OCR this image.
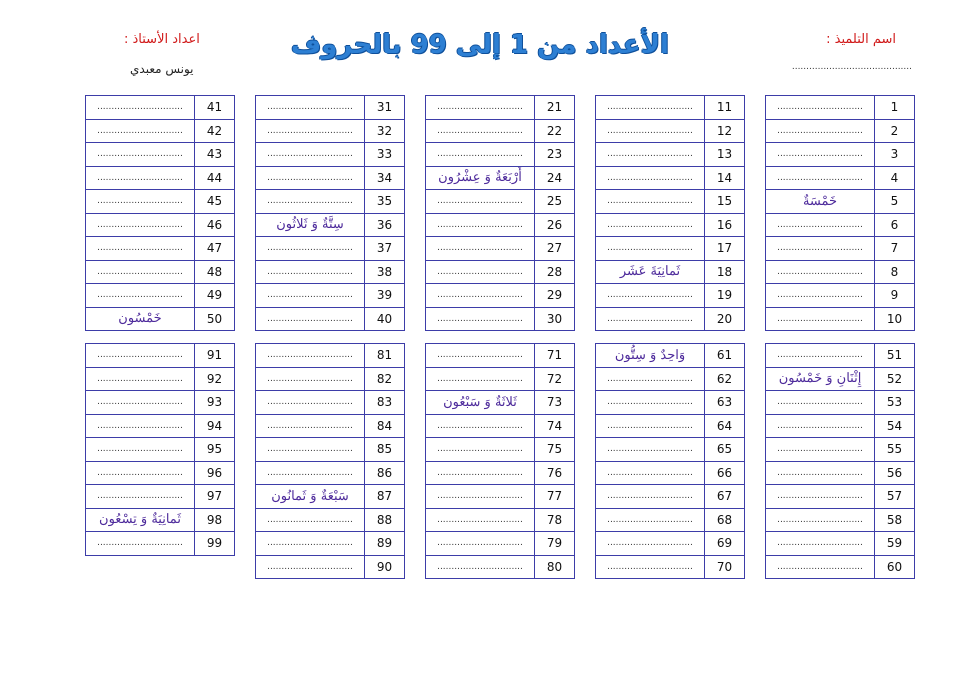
اسم التلميذ :
..........................................
الأعداد من 1 إلى 99 بالحروف
اعداد الأستاذ :
يونس معبدي
..............................	1
..............................	2
..............................	3
..............................	4
خَمْسَةٌ	5
..............................	6
..............................	7
..............................	8
..............................	9
..............................	10
..............................	11
..............................	12
..............................	13
..............................	14
..............................	15
..............................	16
..............................	17
ثَمانِيَةَ عَشَر	18
..............................	19
..............................	20
..............................	21
..............................	22
..............................	23
أَرْبَعَةٌ وَ عِشْرُون	24
..............................	25
..............................	26
..............................	27
..............................	28
..............................	29
..............................	30
..............................	31
..............................	32
..............................	33
..............................	34
..............................	35
سِتَّةٌ وَ ثَلاثُون	36
..............................	37
..............................	38
..............................	39
..............................	40
..............................	41
..............................	42
..............................	43
..............................	44
..............................	45
..............................	46
..............................	47
..............................	48
..............................	49
خَمْسُون	50
..............................	51
إِثْنَانِ وَ خَمْسُون	52
..............................	53
..............................	54
..............................	55
..............................	56
..............................	57
..............................	58
..............................	59
..............................	60
وَاحِدٌ وَ سِتُّون	61
..............................	62
..............................	63
..............................	64
..............................	65
..............................	66
..............................	67
..............................	68
..............................	69
..............................	70
..............................	71
..............................	72
ثَلاثَةٌ وَ سَبْعُون	73
..............................	74
..............................	75
..............................	76
..............................	77
..............................	78
..............................	79
..............................	80
..............................	81
..............................	82
..............................	83
..............................	84
..............................	85
..............................	86
سَبْعَةٌ وَ ثَمانُون	87
..............................	88
..............................	89
..............................	90
..............................	91
..............................	92
..............................	93
..............................	94
..............................	95
..............................	96
..............................	97
ثَمانِيَةٌ وَ تِسْعُون	98
..............................	99
